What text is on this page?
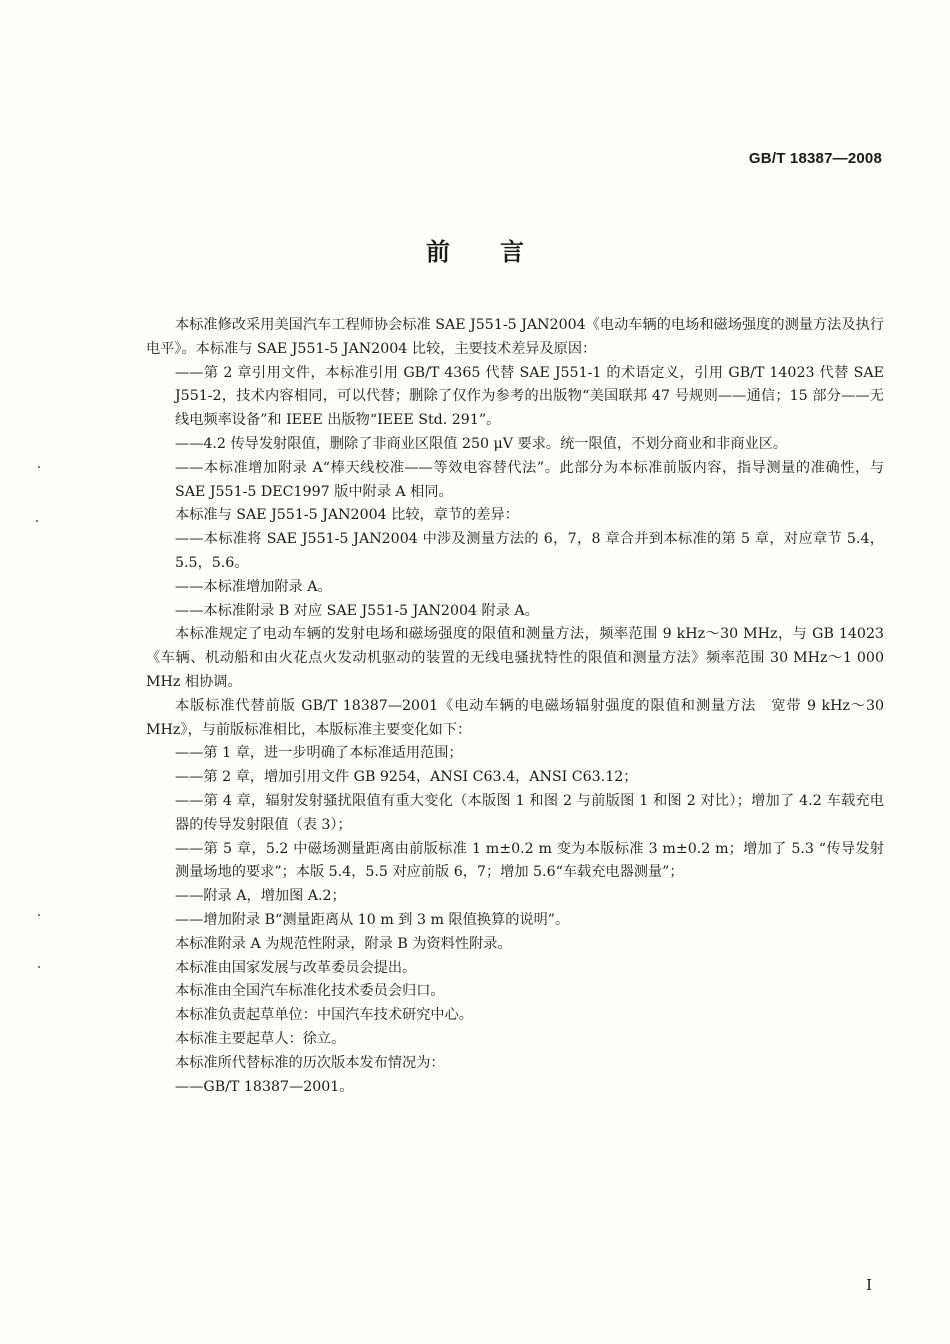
GB/T 18387—2008
前言

本标准修改采用美国汽车工程师协会标准 SAE J551-5 JAN2004《电动车辆的电场和磁场强度的测量方法及执行电平》。本标准与 SAE J551-5 JAN2004 比较，主要技术差异及原因：

——第 2 章引用文件，本标准引用 GB/T 4365 代替 SAE J551-1 的术语定义，引用 GB/T 14023 代替 SAE J551-2，技术内容相同，可以代替；删除了仅作为参考的出版物“美国联邦 47 号规则——通信；15 部分——无线电频率设备”和 IEEE 出版物“IEEE Std. 291”。

——4.2 传导发射限值，删除了非商业区限值 250 μV 要求。统一限值，不划分商业和非商业区。

——本标准增加附录 A“棒天线校准——等效电容替代法”。此部分为本标准前版内容，指导测量的准确性，与 SAE J551-5 DEC1997 版中附录 A 相同。

本标准与 SAE J551-5 JAN2004 比较，章节的差异：

——本标准将 SAE J551-5 JAN2004 中涉及测量方法的 6，7，8 章合并到本标准的第 5 章，对应章节 5.4，5.5，5.6。

——本标准增加附录 A。

——本标准附录 B 对应 SAE J551-5 JAN2004 附录 A。

本标准规定了电动车辆的发射电场和磁场强度的限值和测量方法，频率范围 9 kHz～30 MHz，与 GB 14023《车辆、机动船和由火花点火发动机驱动的装置的无线电骚扰特性的限值和测量方法》频率范围 30 MHz～1 000 MHz 相协调。

本版标准代替前版 GB/T 18387—2001《电动车辆的电磁场辐射强度的限值和测量方法　宽带 9 kHz～30 MHz》，与前版标准相比，本版标准主要变化如下：

——第 1 章，进一步明确了本标准适用范围；

——第 2 章，增加引用文件 GB 9254，ANSI C63.4，ANSI C63.12；

——第 4 章，辐射发射骚扰限值有重大变化（本版图 1 和图 2 与前版图 1 和图 2 对比）；增加了 4.2 车载充电器的传导发射限值（表 3）；

——第 5 章，5.2 中磁场测量距离由前版标准 1 m±0.2 m 变为本版标准 3 m±0.2 m；增加了 5.3 “传导发射测量场地的要求”；本版 5.4，5.5 对应前版 6，7；增加 5.6“车载充电器测量”；

——附录 A，增加图 A.2；

——增加附录 B“测量距离从 10 m 到 3 m 限值换算的说明”。

本标准附录 A 为规范性附录，附录 B 为资料性附录。

本标准由国家发展与改革委员会提出。

本标准由全国汽车标准化技术委员会归口。

本标准负责起草单位：中国汽车技术研究中心。

本标准主要起草人：徐立。

本标准所代替标准的历次版本发布情况为：

——GB/T 18387—2001。

I
